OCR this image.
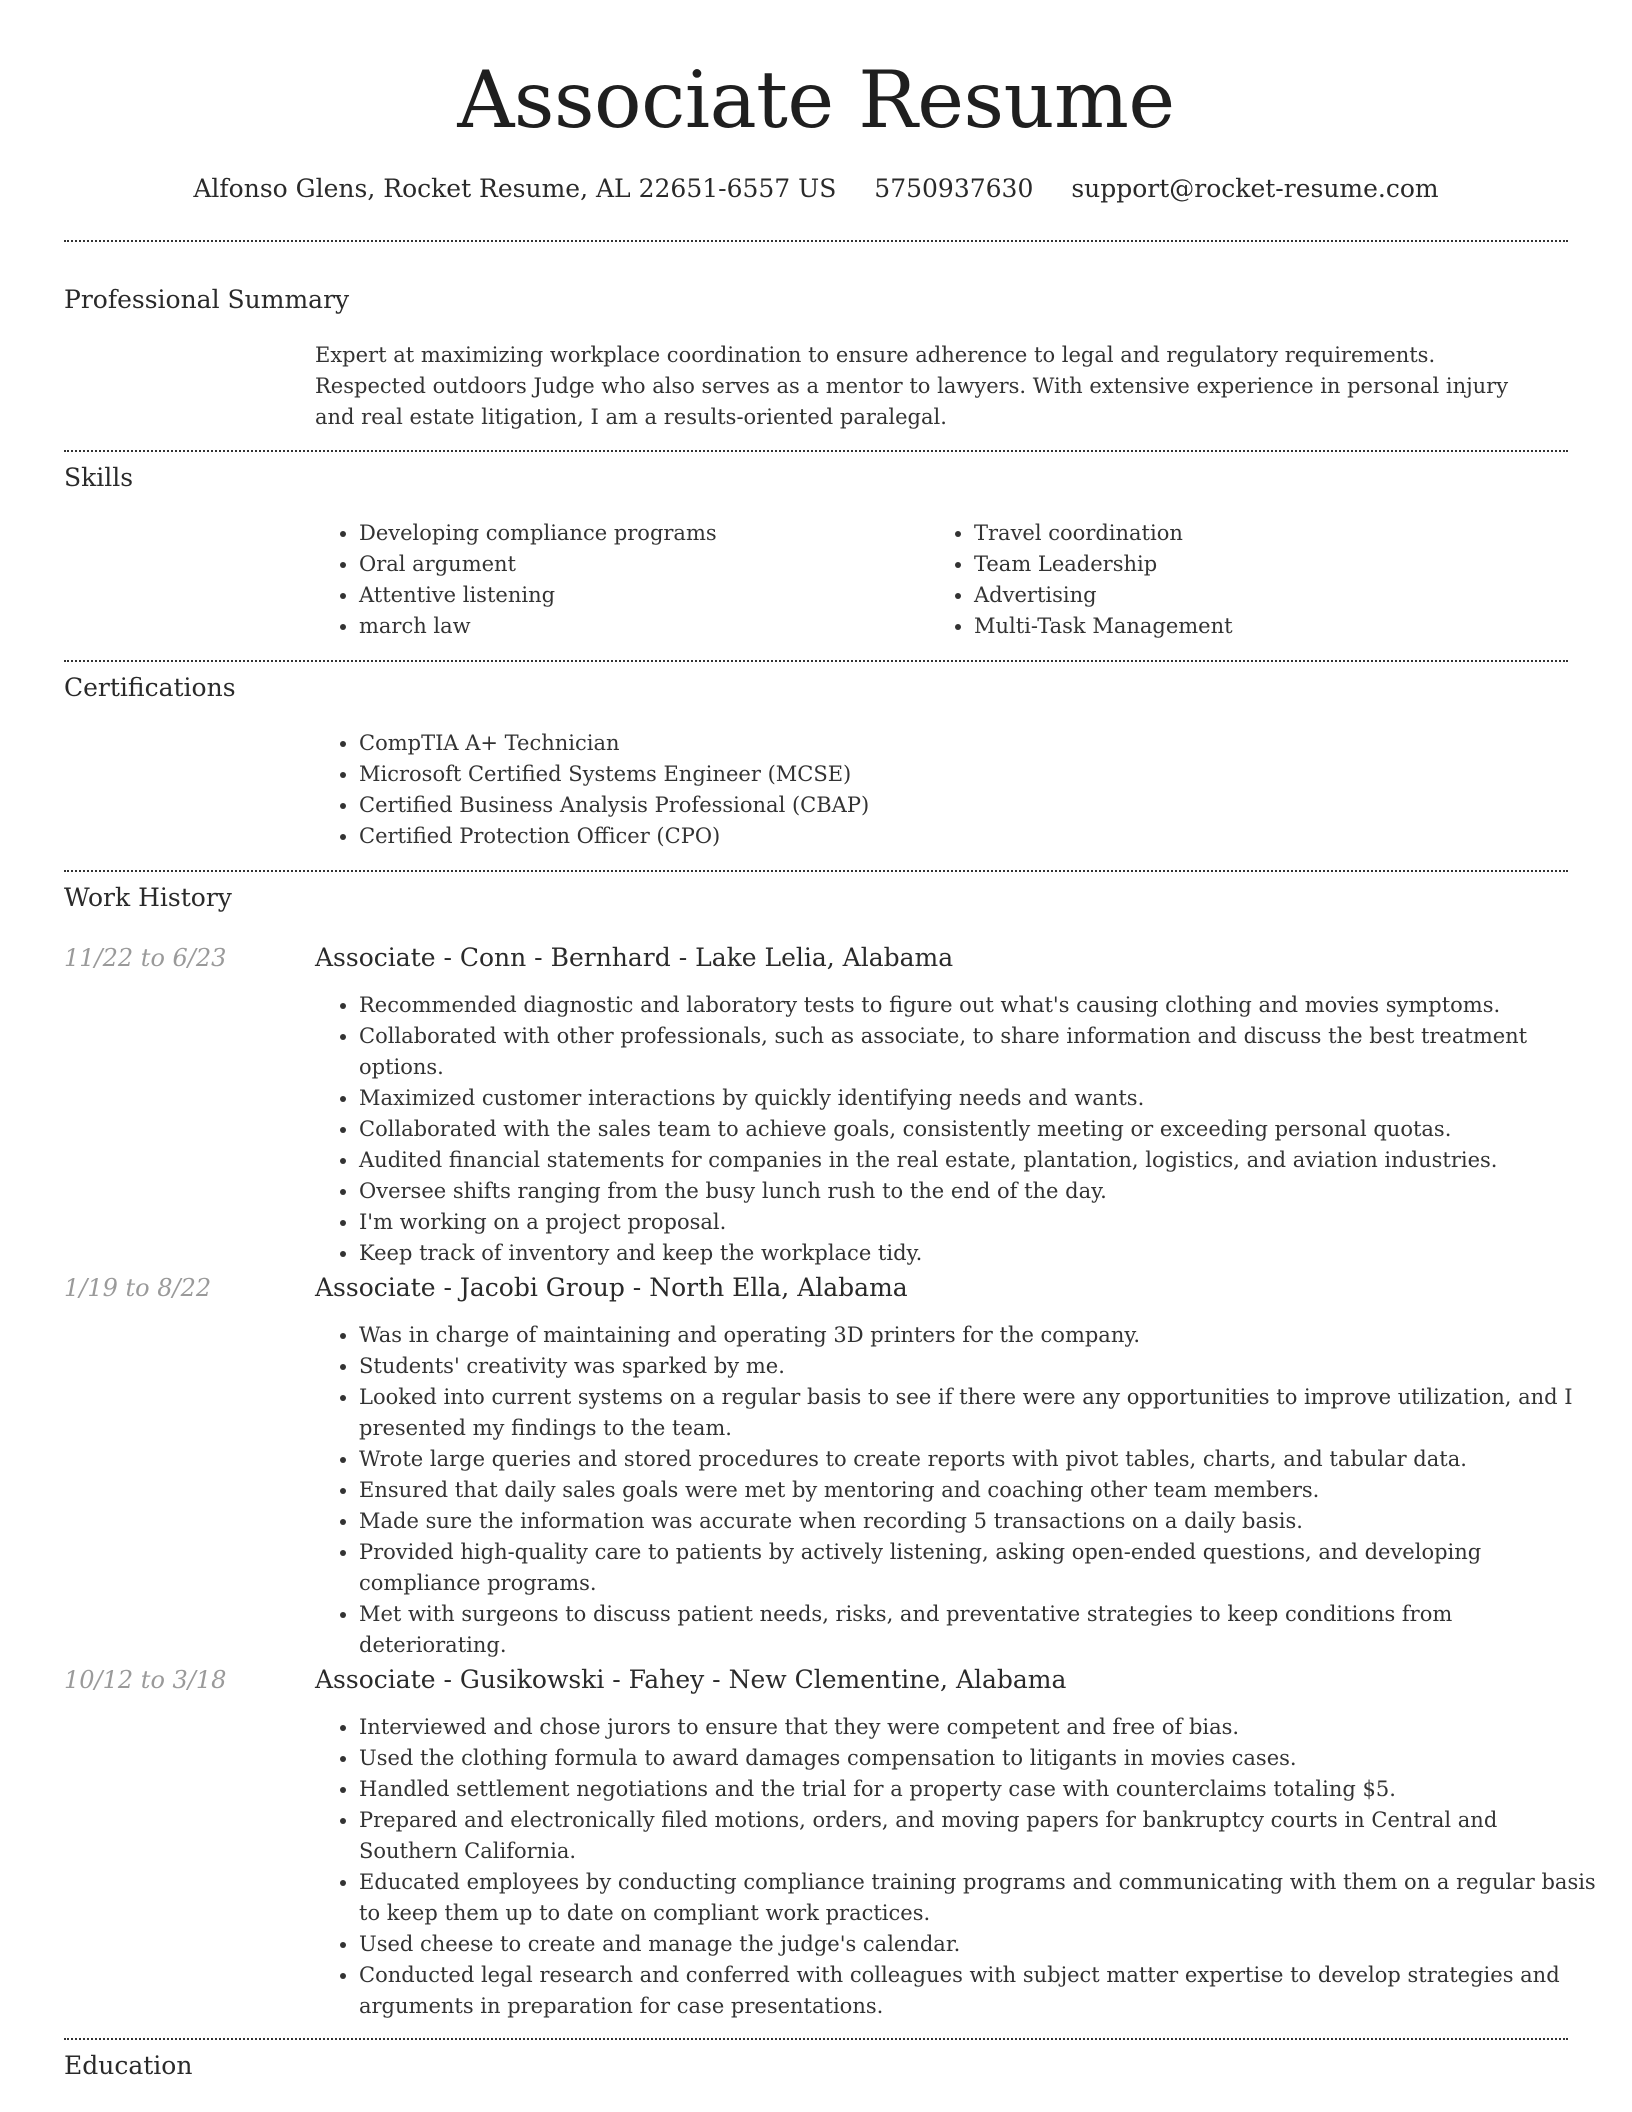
Associate Resume
Alfonso Glens, Rocket Resume, AL 22651-6557 US 5750937630 support@rocket-resume.com
Professional Summary
Expert at maximizing workplace coordination to ensure adherence to legal and regulatory requirements. Respected outdoors Judge who also serves as a mentor to lawyers. With extensive experience in personal injury and real estate litigation, I am a results-oriented paralegal.
Skills
• Developing compliance programs
• Oral argument
• Attentive listening
• march law
• Travel coordination
• Team Leadership
• Advertising
• Multi-Task Management
Certifications
• CompTIA A+ Technician
• Microsoft Certified Systems Engineer (MCSE)
• Certified Business Analysis Professional (CBAP)
• Certified Protection Officer (CPO)
Work History
11/22 to 6/23	Associate - Conn - Bernhard - Lake Lelia, Alabama
• Recommended diagnostic and laboratory tests to figure out what's causing clothing and movies symptoms.
• Collaborated with other professionals, such as associate, to share information and discuss the best treatment options.
• Maximized customer interactions by quickly identifying needs and wants.
• Collaborated with the sales team to achieve goals, consistently meeting or exceeding personal quotas.
• Audited financial statements for companies in the real estate, plantation, logistics, and aviation industries.
• Oversee shifts ranging from the busy lunch rush to the end of the day.
• I'm working on a project proposal.
• Keep track of inventory and keep the workplace tidy.
1/19 to 8/22	Associate - Jacobi Group - North Ella, Alabama
• Was in charge of maintaining and operating 3D printers for the company.
• Students' creativity was sparked by me.
• Looked into current systems on a regular basis to see if there were any opportunities to improve utilization, and I presented my findings to the team.
• Wrote large queries and stored procedures to create reports with pivot tables, charts, and tabular data.
• Ensured that daily sales goals were met by mentoring and coaching other team members.
• Made sure the information was accurate when recording 5 transactions on a daily basis.
• Provided high-quality care to patients by actively listening, asking open-ended questions, and developing compliance programs.
• Met with surgeons to discuss patient needs, risks, and preventative strategies to keep conditions from deteriorating.
10/12 to 3/18	Associate - Gusikowski - Fahey - New Clementine, Alabama
• Interviewed and chose jurors to ensure that they were competent and free of bias.
• Used the clothing formula to award damages compensation to litigants in movies cases.
• Handled settlement negotiations and the trial for a property case with counterclaims totaling $5.
• Prepared and electronically filed motions, orders, and moving papers for bankruptcy courts in Central and Southern California.
• Educated employees by conducting compliance training programs and communicating with them on a regular basis to keep them up to date on compliant work practices.
• Used cheese to create and manage the judge's calendar.
• Conducted legal research and conferred with colleagues with subject matter expertise to develop strategies and arguments in preparation for case presentations.
Education
